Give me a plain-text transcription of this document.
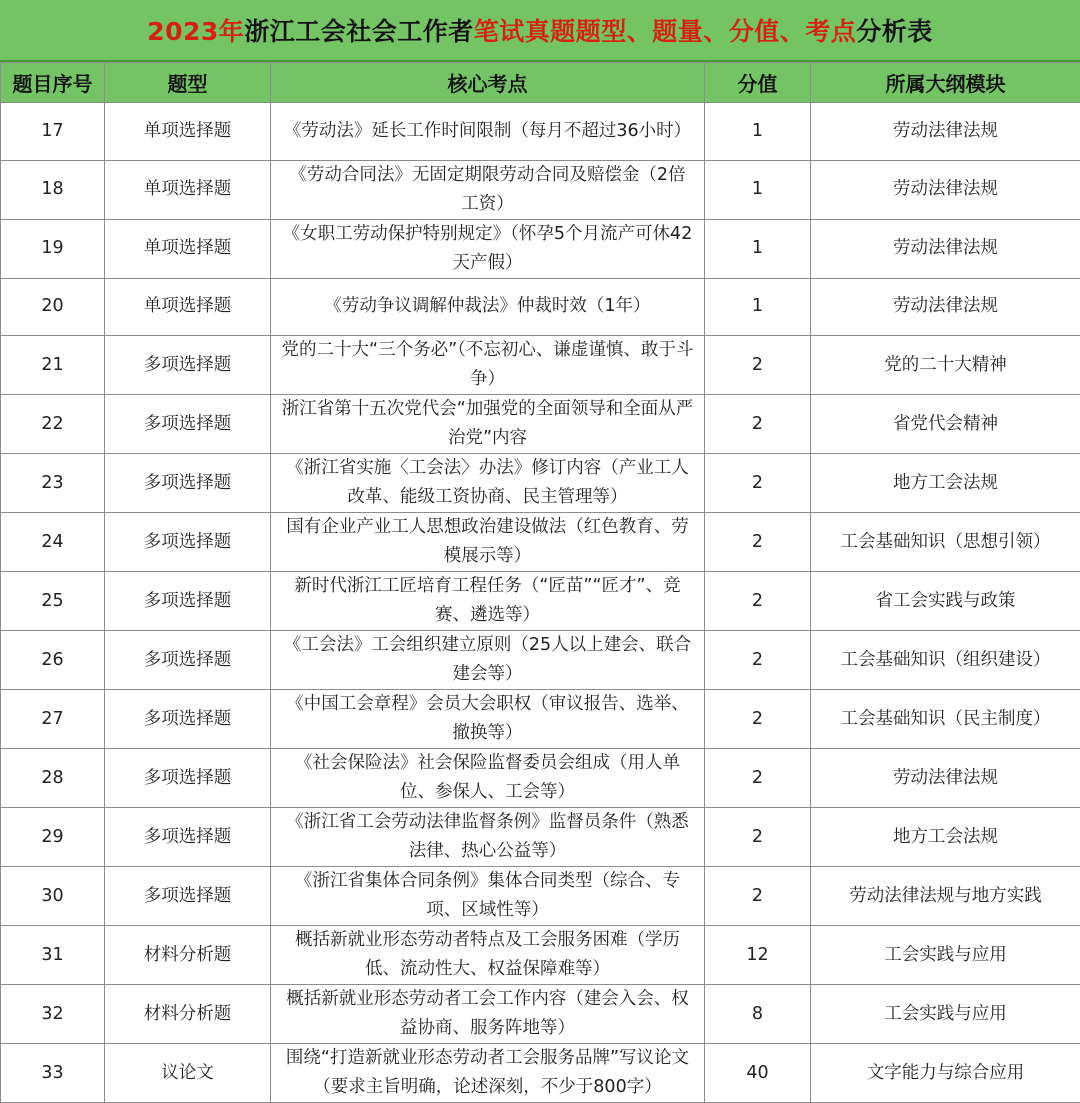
2023年浙江工会社会工作者笔试真题题型、题量、分值、考点分析表
题目序号	题型	核心考点	分值	所属大纲模块
17	单项选择题	《劳动法》延长工作时间限制（每月不超过36小时）	1	劳动法律法规
18	单项选择题	《劳动合同法》无固定期限劳动合同及赔偿金（2倍工资）	1	劳动法律法规
19	单项选择题	《女职工劳动保护特别规定》（怀孕5个月流产可休42天产假）	1	劳动法律法规
20	单项选择题	《劳动争议调解仲裁法》仲裁时效（1年）	1	劳动法律法规
21	多项选择题	党的二十大“三个务必”（不忘初心、谦虚谨慎、敢于斗争）	2	党的二十大精神
22	多项选择题	浙江省第十五次党代会“加强党的全面领导和全面从严治党”内容	2	省党代会精神
23	多项选择题	《浙江省实施〈工会法〉办法》修订内容（产业工人改革、能级工资协商、民主管理等）	2	地方工会法规
24	多项选择题	国有企业产业工人思想政治建设做法（红色教育、劳模展示等）	2	工会基础知识（思想引领）
25	多项选择题	新时代浙江工匠培育工程任务（“匠苗”“匠才”、竞赛、遴选等）	2	省工会实践与政策
26	多项选择题	《工会法》工会组织建立原则（25人以上建会、联合建会等）	2	工会基础知识（组织建设）
27	多项选择题	《中国工会章程》会员大会职权（审议报告、选举、撤换等）	2	工会基础知识（民主制度）
28	多项选择题	《社会保险法》社会保险监督委员会组成（用人单位、参保人、工会等）	2	劳动法律法规
29	多项选择题	《浙江省工会劳动法律监督条例》监督员条件（熟悉法律、热心公益等）	2	地方工会法规
30	多项选择题	《浙江省集体合同条例》集体合同类型（综合、专项、区域性等）	2	劳动法律法规与地方实践
31	材料分析题	概括新就业形态劳动者特点及工会服务困难（学历低、流动性大、权益保障难等）	12	工会实践与应用
32	材料分析题	概括新就业形态劳动者工会工作内容（建会入会、权益协商、服务阵地等）	8	工会实践与应用
33	议论文	围绕“打造新就业形态劳动者工会服务品牌”写议论文（要求主旨明确，论述深刻，不少于800字）	40	文字能力与综合应用
